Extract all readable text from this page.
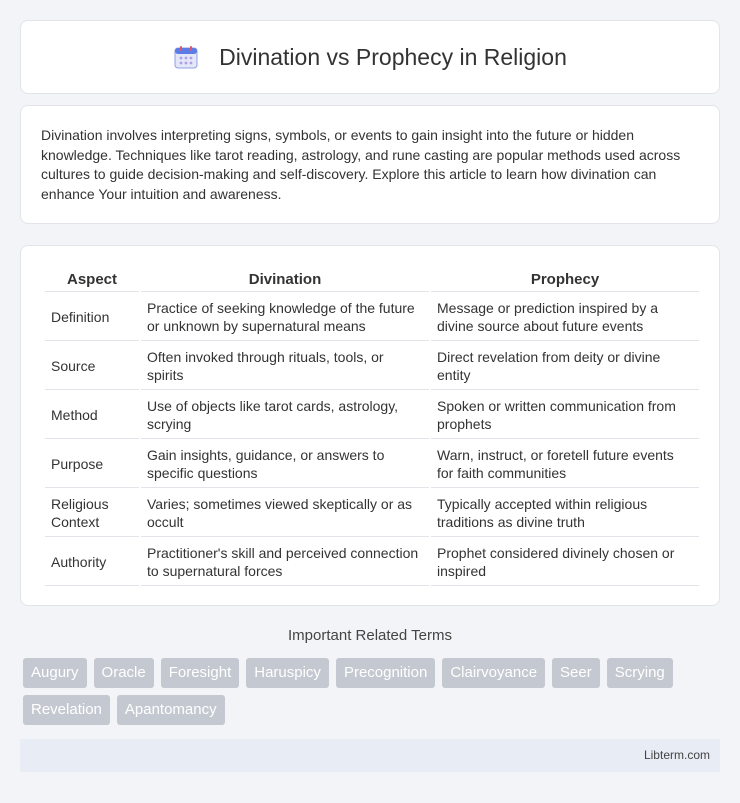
Divination vs Prophecy in Religion

Divination involves interpreting signs, symbols, or events to gain insight into the future or hidden knowledge. Techniques like tarot reading, astrology, and rune casting are popular methods used across cultures to guide decision-making and self-discovery. Explore this article to learn how divination can enhance Your intuition and awareness.

Aspect	Divination	Prophecy
Definition	Practice of seeking knowledge of the future or unknown by supernatural means	Message or prediction inspired by a divine source about future events
Source	Often invoked through rituals, tools, or spirits	Direct revelation from deity or divine entity
Method	Use of objects like tarot cards, astrology, scrying	Spoken or written communication from prophets
Purpose	Gain insights, guidance, or answers to specific questions	Warn, instruct, or foretell future events for faith communities
Religious Context	Varies; sometimes viewed skeptically or as occult	Typically accepted within religious traditions as divine truth
Authority	Practitioner's skill and perceived connection to supernatural forces	Prophet considered divinely chosen or inspired
Important Related Terms
Augury	Oracle	Foresight	Haruspicy	Precognition	Clairvoyance	Seer	Scrying
Revelation	Apantomancy
Libterm.com
